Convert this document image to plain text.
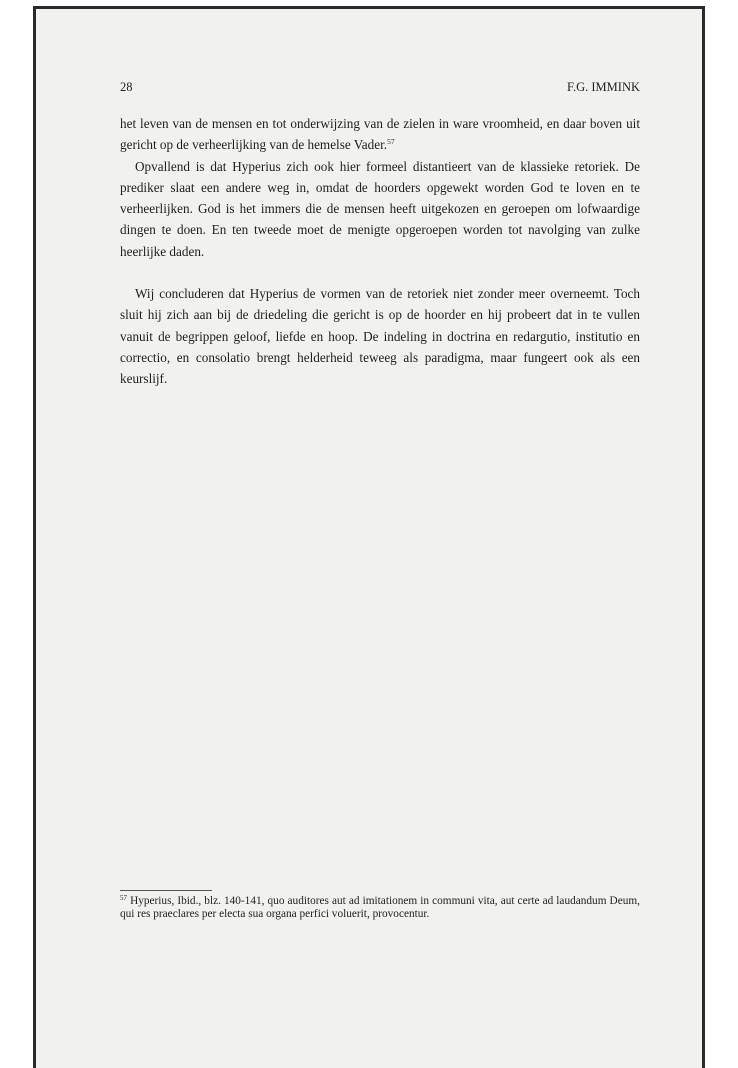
28	F.G. IMMINK

het leven van de mensen en tot onderwijzing van de zielen in ware vroomheid, en daar boven uit gericht op de verheerlijking van de hemelse Vader.$^{57}$

Opvallend is dat Hyperius zich ook hier formeel distantieert van de klassieke retoriek. De prediker slaat een andere weg in, omdat de hoorders opgewekt worden God te loven en te verheerlijken. God is het immers die de mensen heeft uitgekozen en geroepen om lofwaardige dingen te doen. En ten tweede moet de menigte opgeroepen worden tot navolging van zulke heerlijke daden.

Wij concluderen dat Hyperius de vormen van de retoriek niet zonder meer overneemt. Toch sluit hij zich aan bij de driedeling die gericht is op de hoorder en hij probeert dat in te vullen vanuit de begrippen geloof, liefde en hoop. De indeling in doctrina en redargutio, institutio en correctio, en consolatio brengt helderheid teweeg als paradigma, maar fungeert ook als een keurslijf.

$^{57}$ Hyperius, Ibid., blz. 140-141, quo auditores aut ad imitationem in communi vita, aut certe ad laudandum Deum, qui res praeclares per electa sua organa perfici voluerit, provocentur.
